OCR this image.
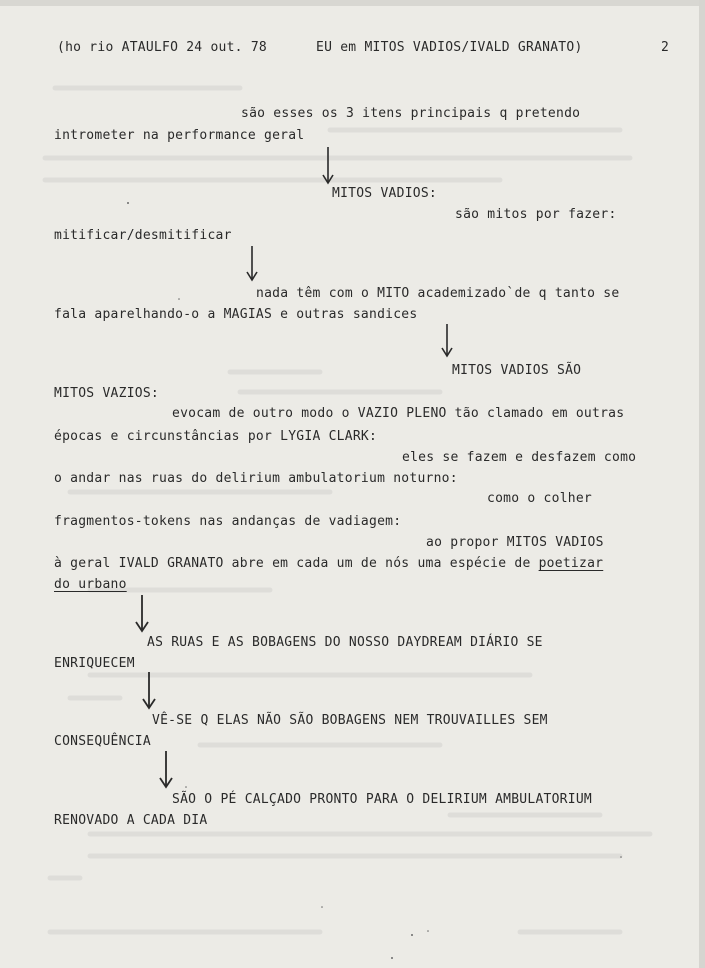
(ho rio ATAULFO 24 out. 78	EU em MITOS VADIOS/IVALD GRANATO)	2

são esses os 3 itens principais q pretendo

intrometer na performance geral

MITOS VADIOS:

são mitos por fazer:

mitificar/desmitificar

nada têm com o MITO academizado`de q tanto se

fala aparelhando-o a MAGIAS e outras sandices

MITOS VADIOS SÃO

MITOS VAZIOS:

evocam de outro modo o VAZIO PLENO tão clamado em outras

épocas e circunstâncias por LYGIA CLARK:

eles se fazem e desfazem como

o andar nas ruas do delirium ambulatorium noturno:

como o colher

fragmentos-tokens nas andanças de vadiagem:

ao propor MITOS VADIOS

à geral IVALD GRANATO abre em cada um de nós uma espécie de poetizar

do urbano

AS RUAS E AS BOBAGENS DO NOSSO DAYDREAM DIÁRIO SE

ENRIQUECEM

VÊ-SE Q ELAS NÃO SÃO BOBAGENS NEM TROUVAILLES SEM

CONSEQUÊNCIA

SÃO O PÉ CALÇADO PRONTO PARA O DELIRIUM AMBULATORIUM

RENOVADO A CADA DIA
